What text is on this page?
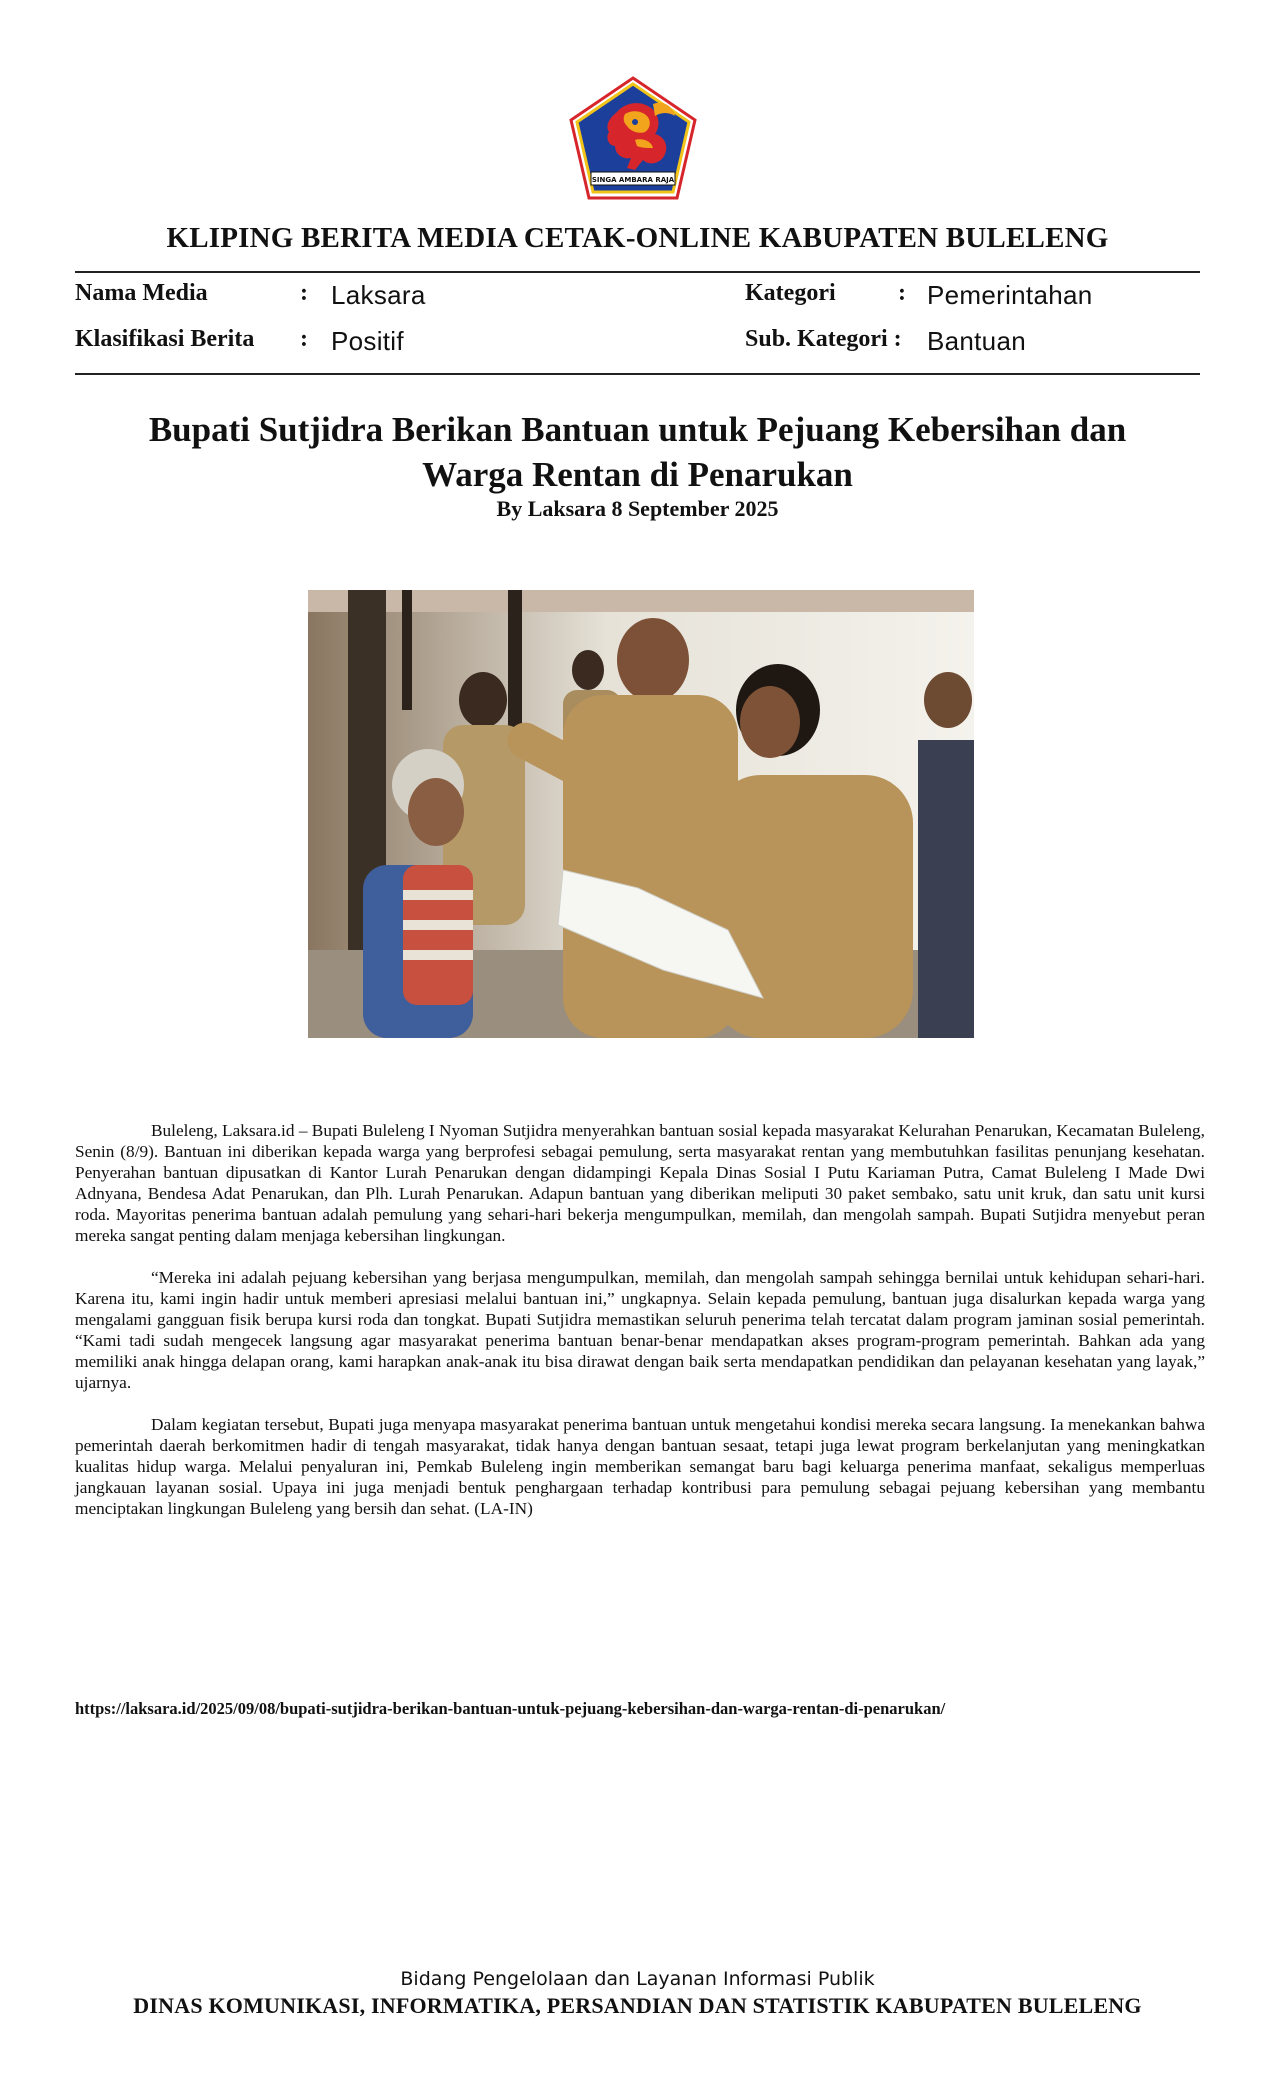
SINGA AMBARA RAJA
KLIPING BERITA MEDIA CETAK-ONLINE KABUPATEN BULELENG
Nama Media	: Laksara	Kategori	: Pemerintahan
Klasifikasi Berita : Positif	Sub. Kategori : Bantuan
Bupati Sutjidra Berikan Bantuan untuk Pejuang Kebersihan dan Warga Rentan di Penarukan
By Laksara 8 September 2025

Buleleng, Laksara.id – Bupati Buleleng I Nyoman Sutjidra menyerahkan bantuan sosial kepada masyarakat Kelurahan Penarukan, Kecamatan Buleleng, Senin (8/9). Bantuan ini diberikan kepada warga yang berprofesi sebagai pemulung, serta masyarakat rentan yang membutuhkan fasilitas penunjang kesehatan. Penyerahan bantuan dipusatkan di Kantor Lurah Penarukan dengan didampingi Kepala Dinas Sosial I Putu Kariaman Putra, Camat Buleleng I Made Dwi Adnyana, Bendesa Adat Penarukan, dan Plh. Lurah Penarukan. Adapun bantuan yang diberikan meliputi 30 paket sembako, satu unit kruk, dan satu unit kursi roda. Mayoritas penerima bantuan adalah pemulung yang sehari-hari bekerja mengumpulkan, memilah, dan mengolah sampah. Bupati Sutjidra menyebut peran mereka sangat penting dalam menjaga kebersihan lingkungan.

“Mereka ini adalah pejuang kebersihan yang berjasa mengumpulkan, memilah, dan mengolah sampah sehingga bernilai untuk kehidupan sehari-hari. Karena itu, kami ingin hadir untuk memberi apresiasi melalui bantuan ini,” ungkapnya. Selain kepada pemulung, bantuan juga disalurkan kepada warga yang mengalami gangguan fisik berupa kursi roda dan tongkat. Bupati Sutjidra memastikan seluruh penerima telah tercatat dalam program jaminan sosial pemerintah. “Kami tadi sudah mengecek langsung agar masyarakat penerima bantuan benar-benar mendapatkan akses program-program pemerintah. Bahkan ada yang memiliki anak hingga delapan orang, kami harapkan anak-anak itu bisa dirawat dengan baik serta mendapatkan pendidikan dan pelayanan kesehatan yang layak,” ujarnya.

Dalam kegiatan tersebut, Bupati juga menyapa masyarakat penerima bantuan untuk mengetahui kondisi mereka secara langsung. Ia menekankan bahwa pemerintah daerah berkomitmen hadir di tengah masyarakat, tidak hanya dengan bantuan sesaat, tetapi juga lewat program berkelanjutan yang meningkatkan kualitas hidup warga. Melalui penyaluran ini, Pemkab Buleleng ingin memberikan semangat baru bagi keluarga penerima manfaat, sekaligus memperluas jangkauan layanan sosial. Upaya ini juga menjadi bentuk penghargaan terhadap kontribusi para pemulung sebagai pejuang kebersihan yang membantu menciptakan lingkungan Buleleng yang bersih dan sehat. (LA-IN)

https://laksara.id/2025/09/08/bupati-sutjidra-berikan-bantuan-untuk-pejuang-kebersihan-dan-warga-rentan-di-penarukan/
Bidang Pengelolaan dan Layanan Informasi Publik
DINAS KOMUNIKASI, INFORMATIKA, PERSANDIAN DAN STATISTIK KABUPATEN BULELENG
